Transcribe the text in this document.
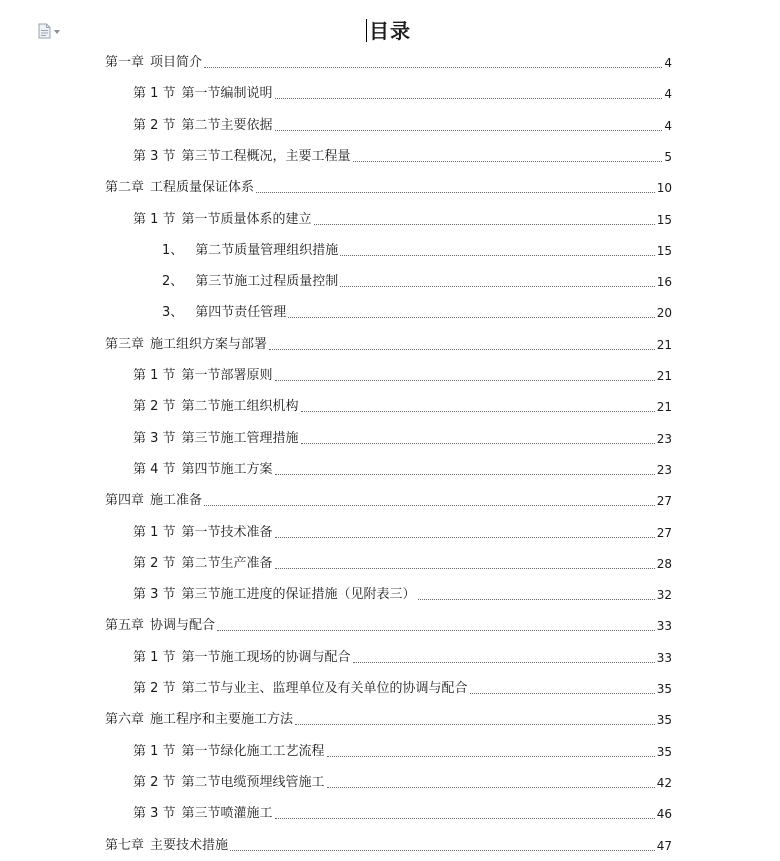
目录
第一章 项目简介	4
第 1 节 第一节编制说明	4
第 2 节 第二节主要依据	4
第 3 节 第三节工程概况，主要工程量	5
第二章 工程质量保证体系	10
第 1 节 第一节质量体系的建立	15
1、 第二节质量管理组织措施	15
2、 第三节施工过程质量控制	16
3、 第四节责任管理	20
第三章 施工组织方案与部署	21
第 1 节 第一节部署原则	21
第 2 节 第二节施工组织机构	21
第 3 节 第三节施工管理措施	23
第 4 节 第四节施工方案	23
第四章 施工准备	27
第 1 节 第一节技术准备	27
第 2 节 第二节生产准备	28
第 3 节 第三节施工进度的保证措施（见附表三）	32
第五章 协调与配合	33
第 1 节 第一节施工现场的协调与配合	33
第 2 节 第二节与业主、监理单位及有关单位的协调与配合	35
第六章 施工程序和主要施工方法	35
第 1 节 第一节绿化施工工艺流程	35
第 2 节 第二节电缆预埋线管施工	42
第 3 节 第三节喷灌施工	46
第七章 主要技术措施	47
